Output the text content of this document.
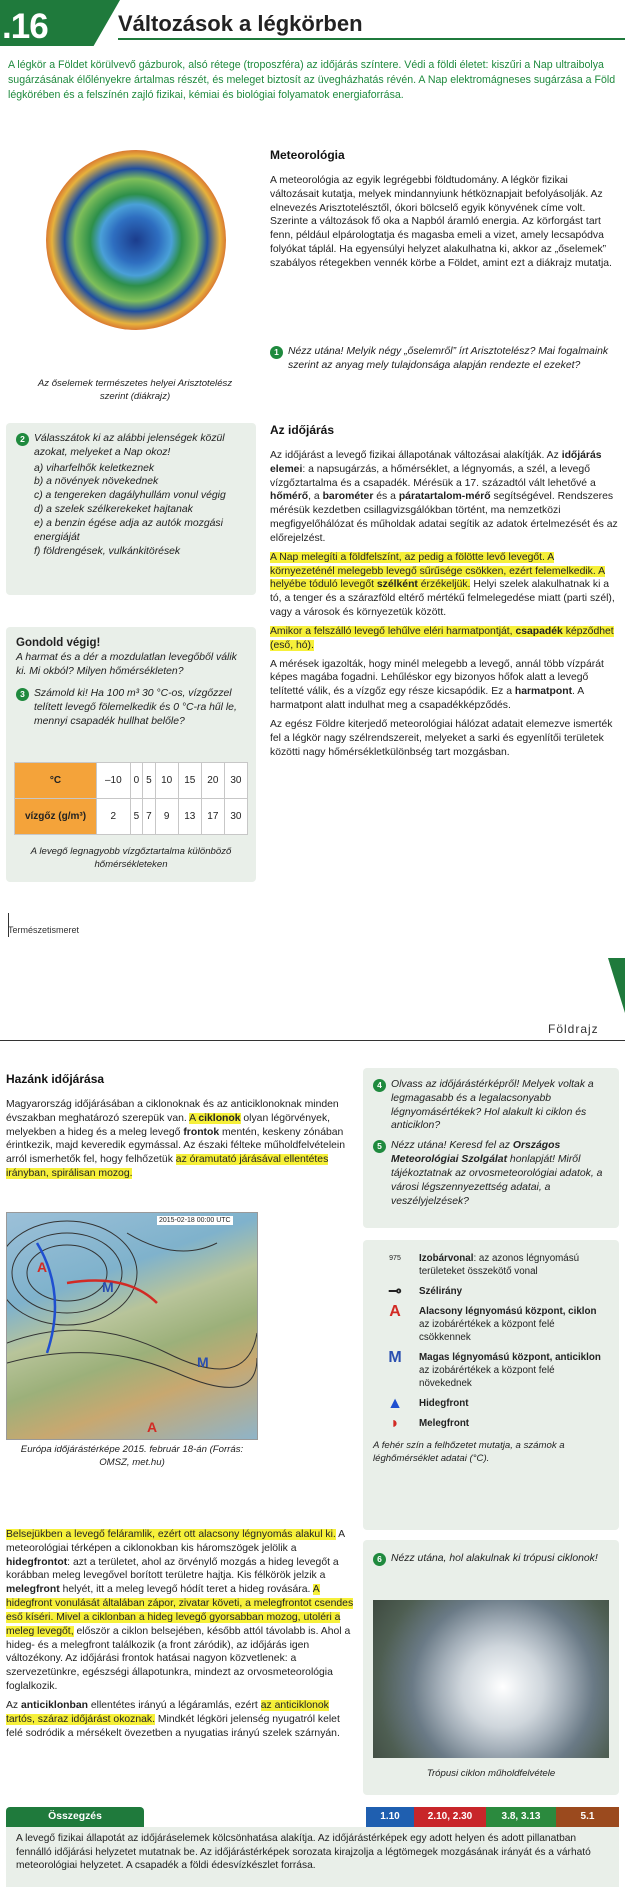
.16	Változások a légkörben
A légkör a Földet körülvevő gázburok, alsó rétege (troposzféra) az időjárás színtere. Védi a földi életet: kiszűri a Nap ultraibolya sugárzásának élőlényekre ártalmas részét, és meleget biztosít az üvegházhatás révén. A Nap elektromágneses sugárzása a Föld légkörében és a felszínén zajló fizikai, kémiai és biológiai folyamatok energiaforrása.
Az őselemek természetes helyei Arisztotelész szerint (diákrajz)
Meteorológia

A meteorológia az egyik legrégebbi földtudomány. A légkör fizikai változásait kutatja, melyek mindannyiunk hétköznapjait befolyásolják. Az elnevezés Arisztotelésztől, ókori bölcselő egyik könyvének címe volt. Szerinte a változások fő oka a Napból áramló energia. Az körforgást tart fenn, például elpárologtatja és magasba emeli a vizet, amely lecsapódva folyókat táplál. Ha egyensúlyi helyzet alakulhatna ki, akkor az „őselemek” szabályos rétegekben vennék körbe a Földet, amint ezt a diákrajz mutatja.

1 Nézz utána! Melyik négy „őselemről” írt Arisztotelész? Mai fogalmaink szerint az anyag mely tulajdonsága alapján rendezte el ezeket?
Az időjárás

Az időjárást a levegő fizikai állapotának változásai alakítják. Az időjárás elemei: a napsugárzás, a hőmérséklet, a légnyomás, a szél, a levegő vízgőztartalma és a csapadék. Mérésük a 17. századtól vált lehetővé a hőmérő, a barométer és a páratartalom-mérő segítségével. Rendszeres mérésük kezdetben csillagvizsgálókban történt, ma nemzetközi megfigyelőhálózat és műholdak adatai segítik az adatok értelmezését és az előrejelzést.

A Nap melegíti a földfelszínt, az pedig a fölötte levő levegőt. A környezeténél melegebb levegő sűrűsége csökken, ezért felemelkedik. A helyébe tóduló levegőt szélként érzékeljük. Helyi szelek alakulhatnak ki a tó, a tenger és a szárazföld eltérő mértékű felmelegedése miatt (parti szél), vagy a városok és környezetük között.

Amikor a felszálló levegő lehűlve eléri harmatpontját, csapadék képződhet (eső, hó).

A mérések igazolták, hogy minél melegebb a levegő, annál több vízpárát képes magába fogadni. Lehűléskor egy bizonyos hőfok alatt a levegő telítetté válik, és a vízgőz egy része kicsapódik. Ez a harmatpont. A harmatpont alatt indulhat meg a csapadékképződés.

Az egész Földre kiterjedő meteorológiai hálózat adatait elemezve ismerték fel a légkör nagy szélrendszereit, melyeket a sarki és egyenlítői területek közötti nagy hőmérsékletkülönbség tart mozgásban.

2 Válasszátok ki az alábbi jelenségek közül azokat, melyeket a Nap okoz!
a) viharfelhők keletkeznek
b) a növények növekednek
c) a tengereken dagályhullám vonul végig
d) a szelek szélkerekeket hajtanak
e) a benzin égése adja az autók mozgási energiáját
f) földrengések, vulkánkitörések
Gondold végig!
A harmat és a dér a mozdulatlan levegőből válik ki. Mi okból? Milyen hőmérsékleten?
3 Számold ki! Ha 100 m³ 30 °C-os, vízgőzzel telített levegő fölemelkedik és 0 °C-ra hűl le, mennyi csapadék hullhat belőle?
°C	–10	0	5	10	15	20	30
vízgőz (g/m³)	2	5	7	9	13	17	30
A levegő legnagyobb vízgőztartalma különböző hőmérsékleteken
Természetismeret
Földrajz
Hazánk időjárása

Magyarország időjárásában a ciklonoknak és az anticiklonoknak minden évszakban meghatározó szerepük van. A ciklonok olyan légörvények, melyekben a hideg és a meleg levegő frontok mentén, keskeny zónában érintkezik, majd keveredik egymással. Az északi félteke műholdfelvételein arról ismerhetők fel, hogy felhőzetük az óramutató járásával ellentétes irányban, spirálisan mozog.

M
M
A
A
2015-02-18 00:00 UTC
Európa időjárástérképe 2015. február 18-án (Forrás: OMSZ, met.hu)

Belsejükben a levegő feláramlik, ezért ott alacsony légnyomás alakul ki. A meteorológiai térképen a ciklonokban kis háromszögek jelölik a hidegfrontot: azt a területet, ahol az örvénylő mozgás a hideg levegőt a korábban meleg levegővel borított területre hajtja. Kis félkörök jelzik a melegfront helyét, itt a meleg levegő hódít teret a hideg rovására. A hidegfront vonulását általában zápor, zivatar követi, a melegfrontot csendes eső kíséri. Mivel a ciklonban a hideg levegő gyorsabban mozog, utoléri a meleg levegőt, először a ciklon belsejében, később attól távolabb is. Ahol a hideg- és a melegfront találkozik (a front záródik), az időjárás igen változékony. Az időjárási frontok hatásai nagyon közvetlenek: a szervezetünkre, egészségi állapotunkra, mindezt az orvosmeteorológia foglalkozik.

Az anticiklonban ellentétes irányú a légáramlás, ezért az anticiklonok tartós, száraz időjárást okoznak. Mindkét légköri jelenség nyugatról kelet felé sodródik a mérsékelt övezetben a nyugatias irányú szelek szárnyán.

4 Olvass az időjárástérképről! Melyek voltak a legmagasabb és a legalacsonyabb légnyomásértékek? Hol alakult ki ciklon és anticiklon?
5 Nézz utána! Keresd fel az Országos Meteorológiai Szolgálat honlapját! Miről tájékoztatnak az orvosmeteorológiai adatok, a városi légszennyezettség adatai, a veszélyjelzések?
975	Izobárvonal: az azonos légnyomású területeket összekötő vonal
⊸	Szélirány
A	Alacsony légnyomású központ, ciklon az izobárértékek a központ felé csökkennek
M	Magas légnyomású központ, anticiklon az izobárértékek a központ felé növekednek
▲	Hidegfront
◗	Melegfront
A fehér szín a felhőzetet mutatja, a számok a léghőmérséklet adatai (°C).
6 Nézz utána, hol alakulnak ki trópusi ciklonok!
Trópusi ciklon műholdfelvétele
Összegzés	1.10	2.10, 2.30	3.8, 3.13	5.1
A levegő fizikai állapotát az időjáráselemek kölcsönhatása alakítja. Az időjárástérképek egy adott helyen és adott pillanatban fennálló időjárási helyzetet mutatnak be. Az időjárástérképek sorozata kirajzolja a légtömegek mozgásának irányát és a várható meteorológiai helyzetet. A csapadék a földi édesvízkészlet forrása.
